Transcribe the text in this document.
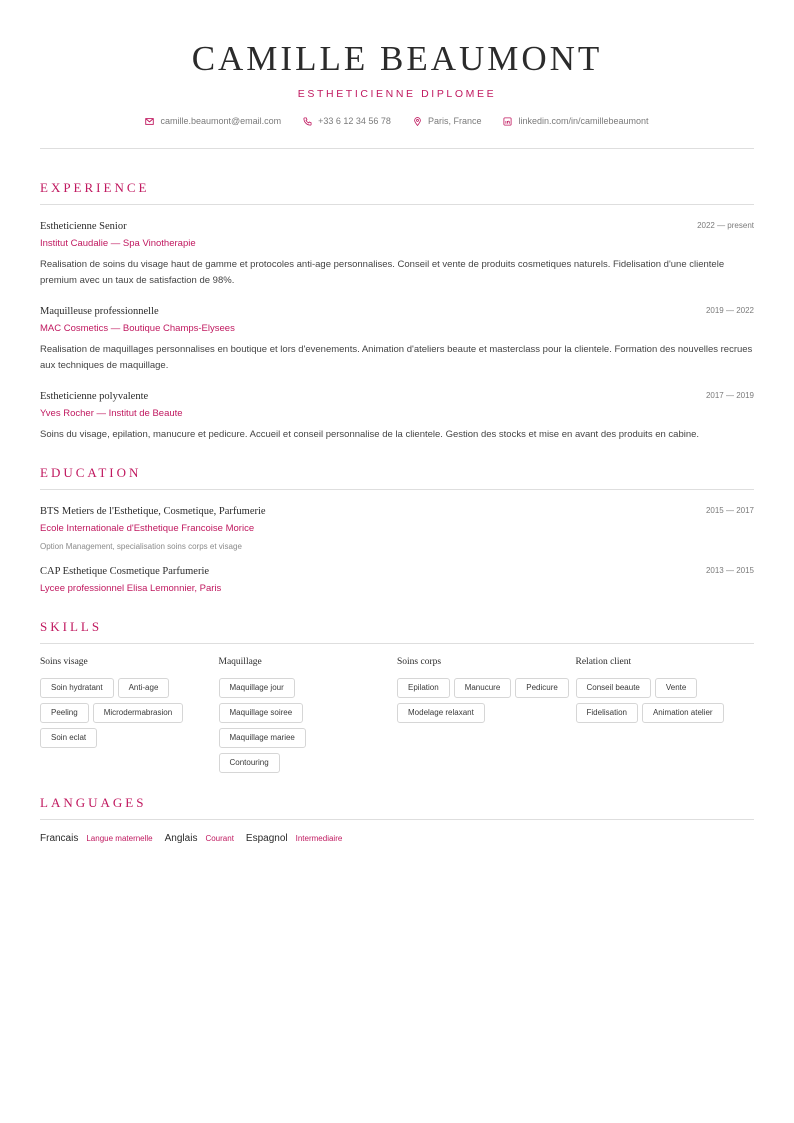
CAMILLE BEAUMONT
ESTHETICIENNE DIPLOMEE
camille.beaumont@email.com	+33 6 12 34 56 78	Paris, France	linkedin.com/in/camillebeaumont
EXPERIENCE
Estheticienne Senior	2022 — present
Institut Caudalie — Spa Vinotherapie
Realisation de soins du visage haut de gamme et protocoles anti-age personnalises. Conseil et vente de produits cosmetiques naturels. Fidelisation d'une clientele premium avec un taux de satisfaction de 98%.
Maquilleuse professionnelle	2019 — 2022
MAC Cosmetics — Boutique Champs-Elysees
Realisation de maquillages personnalises en boutique et lors d'evenements. Animation d'ateliers beaute et masterclass pour la clientele. Formation des nouvelles recrues aux techniques de maquillage.
Estheticienne polyvalente	2017 — 2019
Yves Rocher — Institut de Beaute
Soins du visage, epilation, manucure et pedicure. Accueil et conseil personnalise de la clientele. Gestion des stocks et mise en avant des produits en cabine.
EDUCATION
BTS Metiers de l'Esthetique, Cosmetique, Parfumerie	2015 — 2017
Ecole Internationale d'Esthetique Francoise Morice
Option Management, specialisation soins corps et visage
CAP Esthetique Cosmetique Parfumerie	2013 — 2015
Lycee professionnel Elisa Lemonnier, Paris
SKILLS
Soins visage
Soin hydratant	Anti-age
Peeling	Microdermabrasion
Soin eclat
Maquillage
Maquillage jour
Maquillage soiree
Maquillage mariee
Contouring
Soins corps
Epilation	Manucure	Pedicure
Modelage relaxant
Relation client
Conseil beaute	Vente
Fidelisation	Animation atelier
LANGUAGES
Francais Langue maternelle Anglais Courant Espagnol Intermediaire
